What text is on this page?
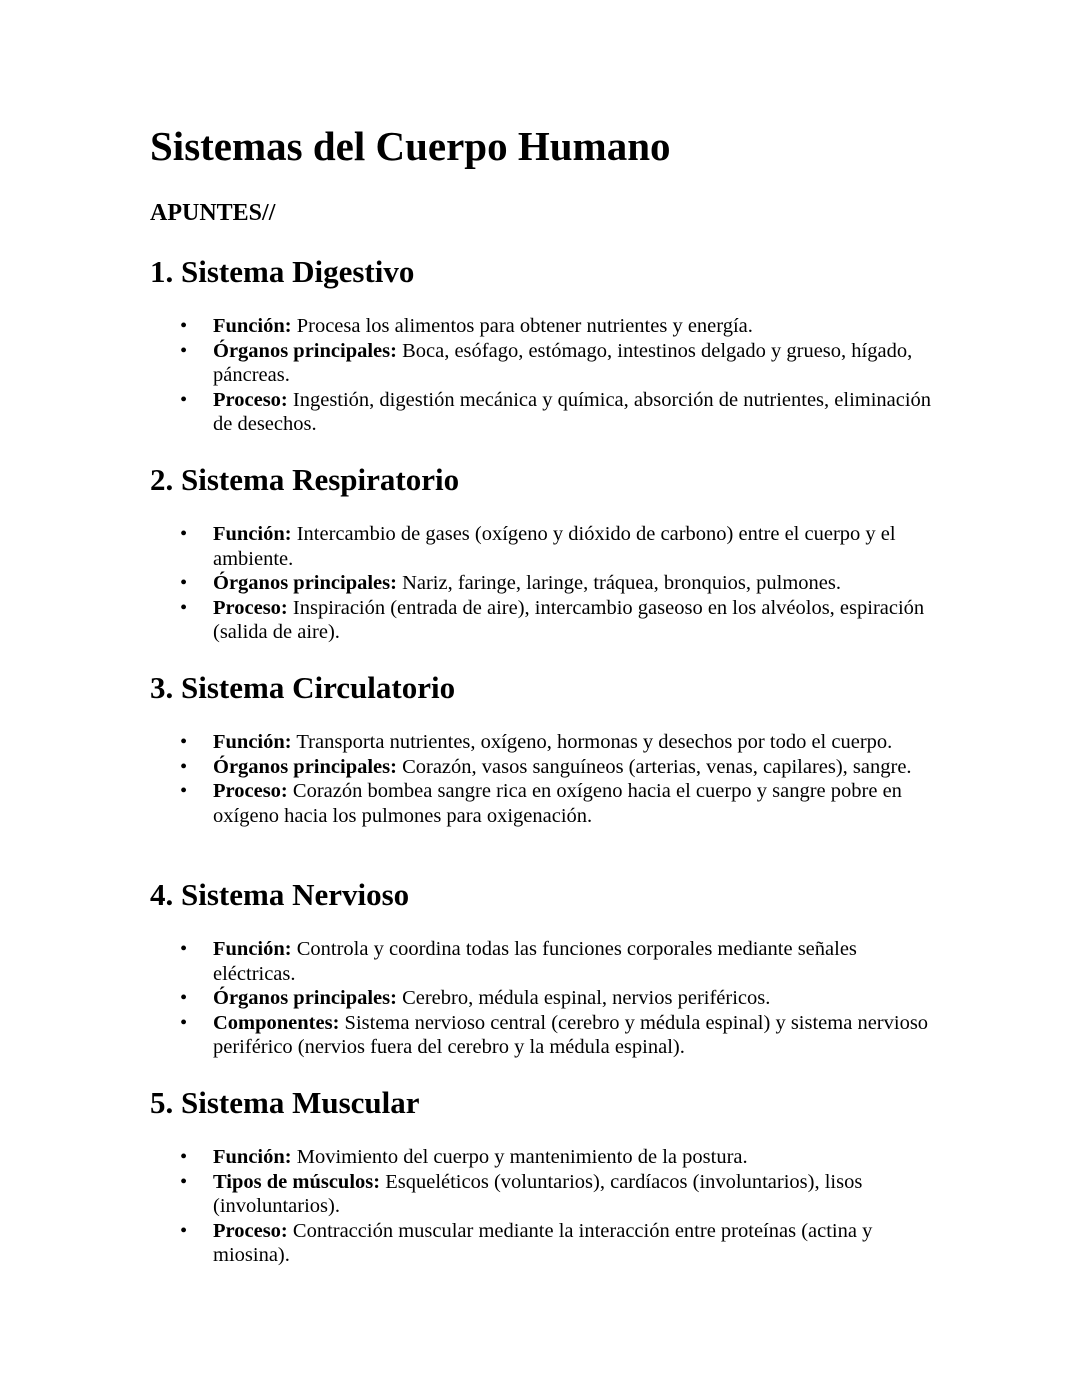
Sistemas del Cuerpo Humano
APUNTES//
1. Sistema Digestivo
• Función: Procesa los alimentos para obtener nutrientes y energía.
• Órganos principales: Boca, esófago, estómago, intestinos delgado y grueso, hígado, páncreas.
• Proceso: Ingestión, digestión mecánica y química, absorción de nutrientes, eliminación de desechos.
2. Sistema Respiratorio
• Función: Intercambio de gases (oxígeno y dióxido de carbono) entre el cuerpo y el ambiente.
• Órganos principales: Nariz, faringe, laringe, tráquea, bronquios, pulmones.
• Proceso: Inspiración (entrada de aire), intercambio gaseoso en los alvéolos, espiración (salida de aire).
3. Sistema Circulatorio
• Función: Transporta nutrientes, oxígeno, hormonas y desechos por todo el cuerpo.
• Órganos principales: Corazón, vasos sanguíneos (arterias, venas, capilares), sangre.
• Proceso: Corazón bombea sangre rica en oxígeno hacia el cuerpo y sangre pobre en oxígeno hacia los pulmones para oxigenación.
4. Sistema Nervioso
• Función: Controla y coordina todas las funciones corporales mediante señales eléctricas.
• Órganos principales: Cerebro, médula espinal, nervios periféricos.
• Componentes: Sistema nervioso central (cerebro y médula espinal) y sistema nervioso periférico (nervios fuera del cerebro y la médula espinal).
5. Sistema Muscular
• Función: Movimiento del cuerpo y mantenimiento de la postura.
• Tipos de músculos: Esqueléticos (voluntarios), cardíacos (involuntarios), lisos (involuntarios).
• Proceso: Contracción muscular mediante la interacción entre proteínas (actina y miosina).
